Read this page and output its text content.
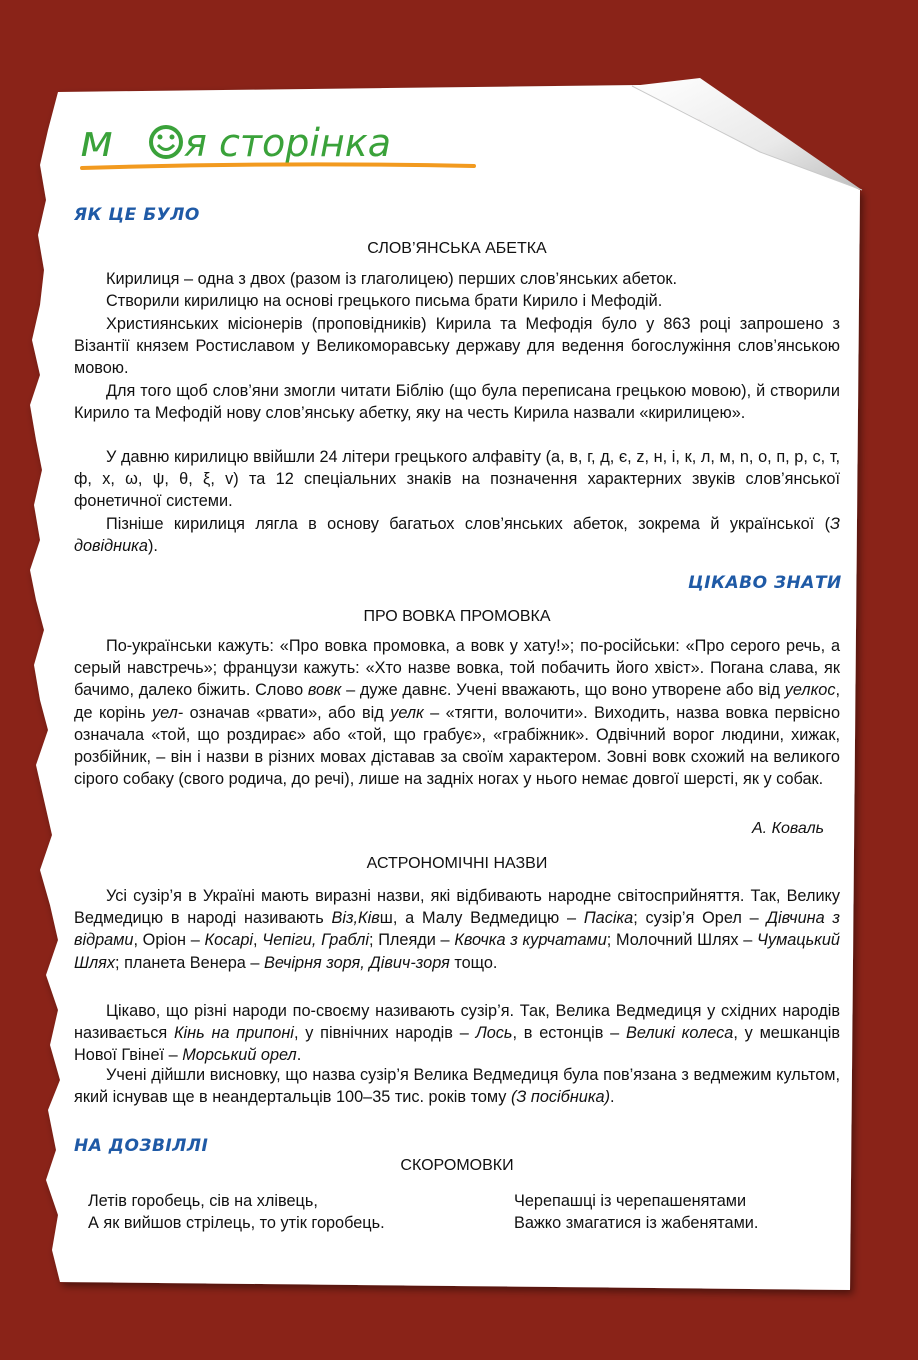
м я сторінка
ЯК ЦЕ БУЛО
СЛОВ’ЯНСЬКА АБЕТКА

Кирилиця – одна з двох (разом із глаголицею) перших слов’янських абеток.

Створили кирилицю на основі грецького письма брати Кирило і Мефодій.

Християнських місіонерів (проповідників) Кирила та Мефодія було у 863 році запрошено з Візантії князем Ростиславом у Великоморавську державу для ведення богослужіння слов’янською мовою.

Для того щоб слов’яни змогли читати Біблію (що була переписана грецькою мовою), й створили Кирило та Мефодій нову слов’янську абетку, яку на честь Кирила назвали «кирилицею».

У давню кирилицю ввійшли 24 літери грецького алфавіту (а, в, г, д, є, z, н, і, к, л, м, n, о, п, р, с, т, ф, х, ω, ψ, θ, ξ, v) та 12 спеціальних знаків на позначення характерних звуків слов’янської фонетичної системи.

Пізніше кирилиця лягла в основу багатьох слов’янських абеток, зокрема й української (З довідника).

ЦІКАВО ЗНАТИ
ПРО ВОВКА ПРОМОВКА

По-українськи кажуть: «Про вовка промовка, а вовк у хату!»; по-російськи: «Про серого речь, а серый навстречь»; французи кажуть: «Хто назве вовка, той побачить його хвіст». Погана слава, як бачимо, далеко біжить. Слово вовк – дуже давнє. Учені вважають, що воно утворене або від уелкос, де корінь уел- означав «рвати», або від уелк – «тягти, волочити». Виходить, назва вовка первісно означала «той, що роздирає» або «той, що грабує», «грабіжник». Одвічний ворог людини, хижак, розбійник, – він і назви в різних мовах діставав за своїм характером. Зовні вовк схожий на великого сірого собаку (свого родича, до речі), лише на задніх ногах у нього немає довгої шерсті, як у собак.

А. Коваль
АСТРОНОМІЧНІ НАЗВИ

Усі сузір’я в Україні мають виразні назви, які відбивають народне світосприйняття. Так, Велику Ведмедицю в народі називають Віз,Ківш, а Малу Ведмедицю – Пасіка; сузір’я Орел – Дівчина з відрами, Оріон – Косарі, Чепіги, Граблі; Плеяди – Квочка з курчатами; Молочний Шлях – Чумацький Шлях; планета Венера – Вечірня зоря, Дівич-зоря тощо.

Цікаво, що різні народи по-своєму називають сузір’я. Так, Велика Ведмедиця у східних народів називається Кінь на припоні, у північних народів – Лось, в естонців – Великі колеса, у мешканців Нової Гвінеї – Морський орел.

Учені дійшли висновку, що назва сузір’я Велика Ведмедиця була пов’язана з ведмежим культом, який існував ще в неандертальців 100–35 тис. років тому (З посібника).

НА ДОЗВІЛЛІ
СКОРОМОВКИ
Летів горобець, сів на хлівець,
А як вийшов стрілець, то утік горобець.
Черепашці із черепашенятами
Важко змагатися із жабенятами.
